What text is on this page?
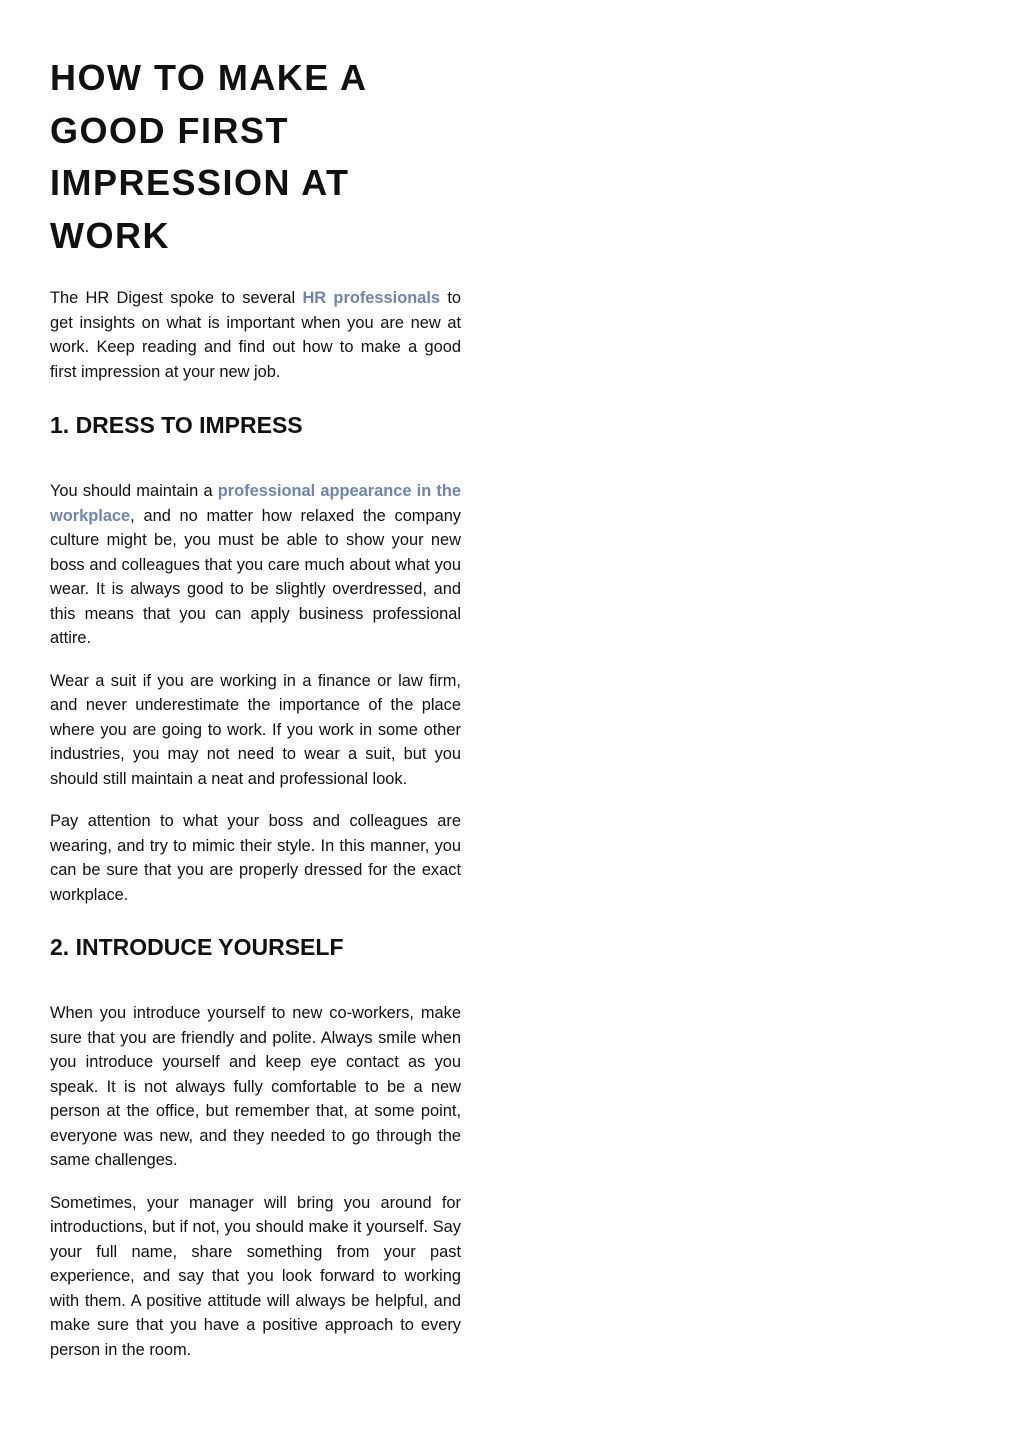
HOW TO MAKE A
GOOD FIRST
IMPRESSION AT
WORK

The HR Digest spoke to several HR professionals to get insights on what is important when you are new at work. Keep reading and find out how to make a good first impression at your new job.

1. DRESS TO IMPRESS

You should maintain a professional appearance in the workplace, and no matter how relaxed the company culture might be, you must be able to show your new boss and colleagues that you care much about what you wear. It is always good to be slightly overdressed, and this means that you can apply business professional attire.

Wear a suit if you are working in a finance or law firm, and never underestimate the importance of the place where you are going to work. If you work in some other industries, you may not need to wear a suit, but you should still maintain a neat and professional look.

Pay attention to what your boss and colleagues are wearing, and try to mimic their style. In this manner, you can be sure that you are properly dressed for the exact workplace.

2. INTRODUCE YOURSELF

When you introduce yourself to new co-workers, make sure that you are friendly and polite. Always smile when you introduce yourself and keep eye contact as you speak. It is not always fully comfortable to be a new person at the office, but remember that, at some point, everyone was new, and they needed to go through the same challenges.

Sometimes, your manager will bring you around for introductions, but if not, you should make it yourself. Say your full name, share something from your past experience, and say that you look forward to working with them. A positive attitude will always be helpful, and make sure that you have a positive approach to every person in the room.
